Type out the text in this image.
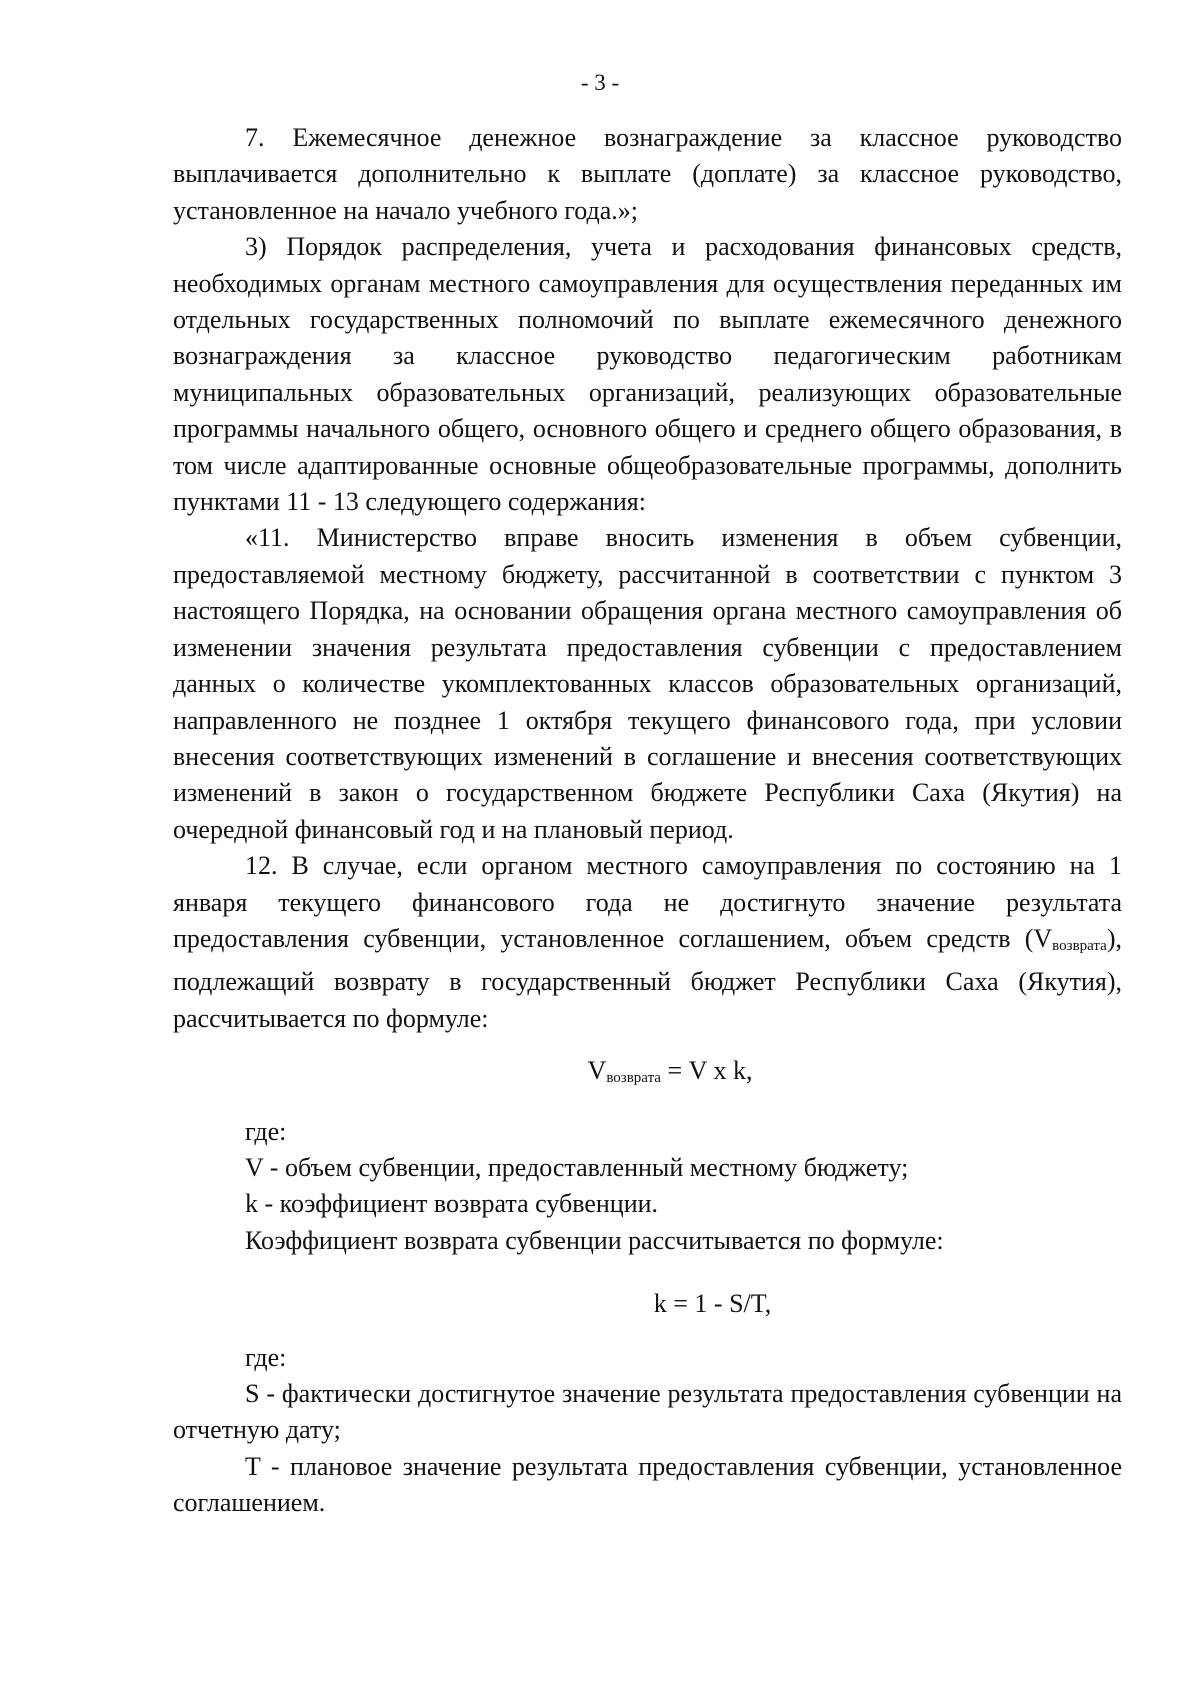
- 3 -

7. Ежемесячное денежное вознаграждение за классное руководство выплачивается дополнительно к выплате (доплате) за классное руководство, установленное на начало учебного года.»;

3) Порядок распределения, учета и расходования финансовых средств, необходимых органам местного самоуправления для осуществления переданных им отдельных государственных полномочий по выплате ежемесячного денежного вознаграждения за классное руководство педагогическим работникам муниципальных образовательных организаций, реализующих образовательные программы начального общего, основного общего и среднего общего образования, в том числе адаптированные основные общеобразовательные программы, дополнить пунктами 11 - 13 следующего содержания:

«11. Министерство вправе вносить изменения в объем субвенции, предоставляемой местному бюджету, рассчитанной в соответствии с пунктом 3 настоящего Порядка, на основании обращения органа местного самоуправления об изменении значения результата предоставления субвенции с предоставлением данных о количестве укомплектованных классов образовательных организаций, направленного не позднее 1 октября текущего финансового года, при условии внесения соответствующих изменений в соглашение и внесения соответствующих изменений в закон о государственном бюджете Республики Саха (Якутия) на очередной финансовый год и на плановый период.

12. В случае, если органом местного самоуправления по состоянию на 1 января текущего финансового года не достигнуто значение результата предоставления субвенции, установленное соглашением, объем средств $(V_{возврата})$, подлежащий возврату в государственный бюджет Республики Саха (Якутия), рассчитывается по формуле:

$V_{возврата} = V$ x k,

где:

V - объем субвенции, предоставленный местному бюджету;

k - коэффициент возврата субвенции.

Коэффициент возврата субвенции рассчитывается по формуле:

k = 1 - S/T,

где:

S - фактически достигнутое значение результата предоставления субвенции на отчетную дату;

T - плановое значение результата предоставления субвенции, установленное соглашением.
